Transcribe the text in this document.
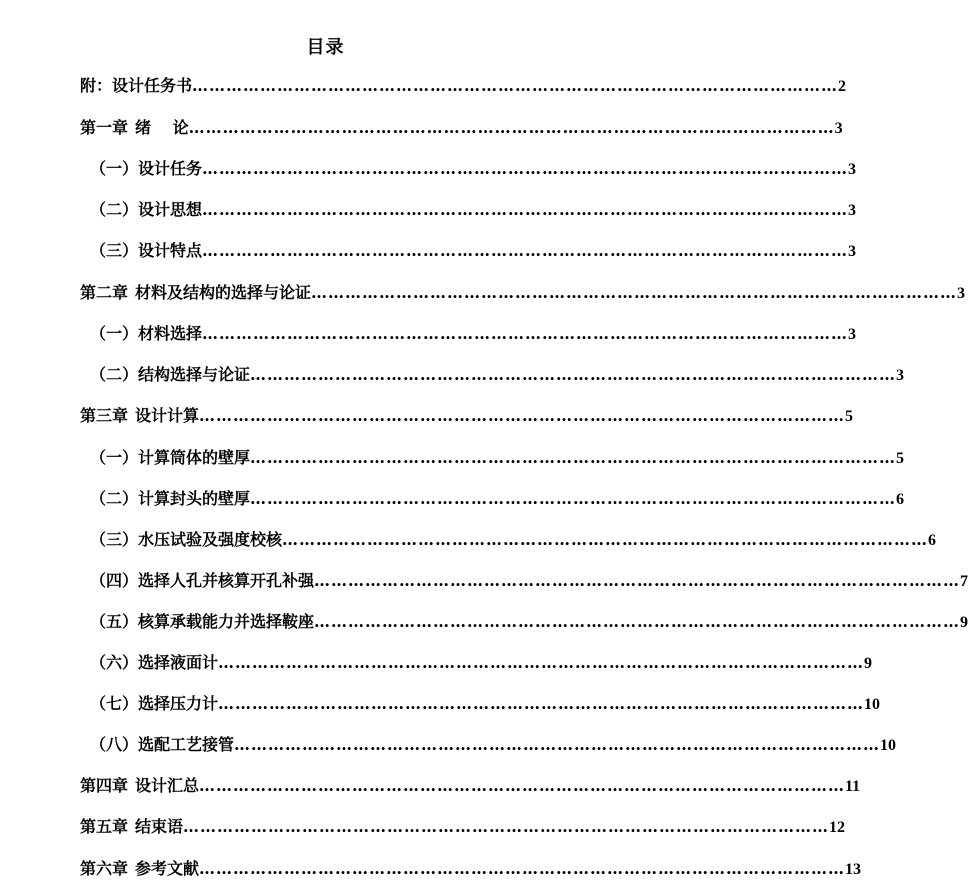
目录
附：设计任务书 …………………………………………………………………………………………………… 2
第一章 绪　 论 …………………………………………………………………………………………………… 3
（一）设计任务 …………………………………………………………………………………………………… 3
（二）设计思想 …………………………………………………………………………………………………… 3
（三）设计特点 …………………………………………………………………………………………………… 3
第二章 材料及结构的选择与论证 …………………………………………………………………………………………………… 3
（一）材料选择 …………………………………………………………………………………………………… 3
（二）结构选择与论证 …………………………………………………………………………………………………… 3
第三章 设计计算 …………………………………………………………………………………………………… 5
（一）计算筒体的壁厚 …………………………………………………………………………………………………… 5
（二）计算封头的壁厚 …………………………………………………………………………………………………… 6
（三）水压试验及强度校核 …………………………………………………………………………………………………… 6
（四）选择人孔并核算开孔补强 …………………………………………………………………………………………………… 7
（五）核算承载能力并选择鞍座 …………………………………………………………………………………………………… 9
（六）选择液面计 …………………………………………………………………………………………………… 9
（七）选择压力计 …………………………………………………………………………………………………… 10
（八）选配工艺接管 …………………………………………………………………………………………………… 10
第四章 设计汇总 …………………………………………………………………………………………………… 11
第五章 结束语 …………………………………………………………………………………………………… 12
第六章 参考文献 …………………………………………………………………………………………………… 13
